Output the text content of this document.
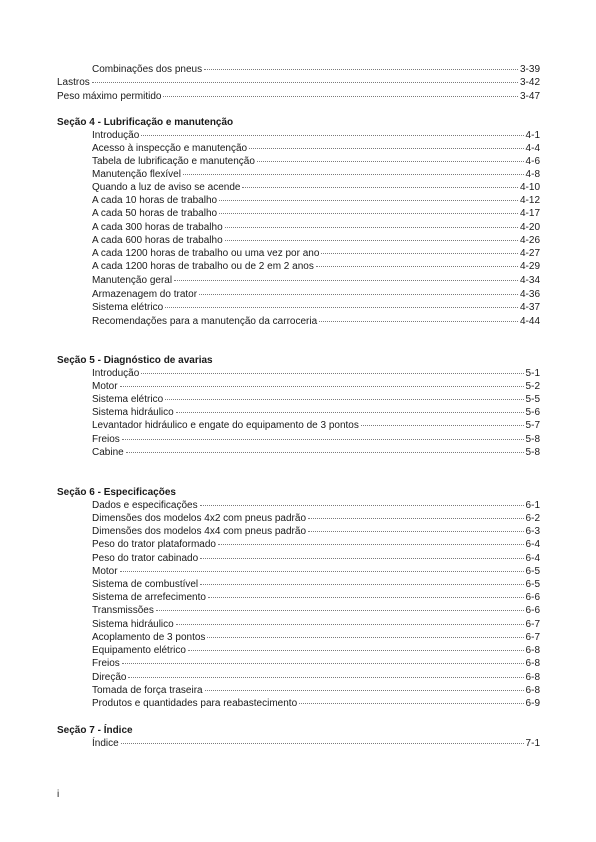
Combinações dos pneus	3-39
Lastros	3-42
Peso máximo permitido	3-47
Seção 4 - Lubrificação e manutenção
Introdução	4-1
Acesso à inspecção e manutenção	4-4
Tabela de lubrificação e manutenção	4-6
Manutenção flexível	4-8
Quando a luz de aviso se acende	4-10
A cada 10 horas de trabalho	4-12
A cada 50 horas de trabalho	4-17
A cada 300 horas de trabalho	4-20
A cada 600 horas de trabalho	4-26
A cada 1200 horas de trabalho ou uma vez por ano	4-27
A cada 1200 horas de trabalho ou de 2 em 2 anos	4-29
Manutenção geral	4-34
Armazenagem do trator	4-36
Sistema elétrico	4-37
Recomendações para a manutenção da carroceria	4-44
Seção 5 - Diagnóstico de avarias
Introdução	5-1
Motor	5-2
Sistema elétrico	5-5
Sistema hidráulico	5-6
Levantador hidráulico e engate do equipamento de 3 pontos	5-7
Freios	5-8
Cabine	5-8
Seção 6 - Especificações
Dados e especificações	6-1
Dimensões dos modelos 4x2 com pneus padrão	6-2
Dimensões dos modelos 4x4 com pneus padrão	6-3
Peso do trator plataformado	6-4
Peso do trator cabinado	6-4
Motor	6-5
Sistema de combustível	6-5
Sistema de arrefecimento	6-6
Transmissões	6-6
Sistema hidráulico	6-7
Acoplamento de 3 pontos	6-7
Equipamento elétrico	6-8
Freios	6-8
Direção	6-8
Tomada de força traseira	6-8
Produtos e quantidades para reabastecimento	6-9
Seção 7 - Índice
Índice	7-1
i
